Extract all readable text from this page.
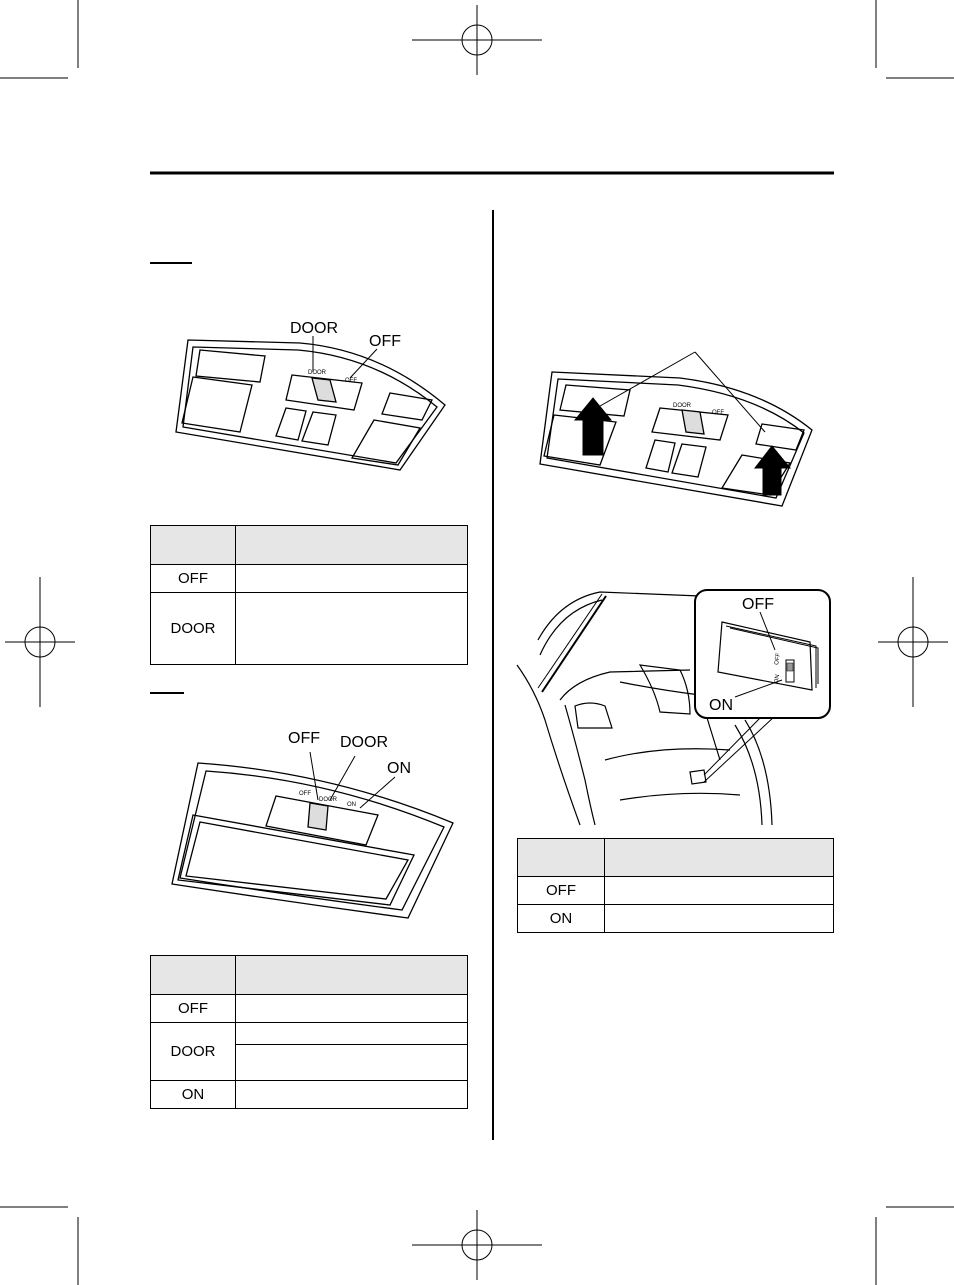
DOOR
OFF
DOOR
OFF

OFF	
DOOR	
OFF DOOR
ON
OFF
DOOR
ON

OFF	
DOOR	

ON	
DOOR
OFF
OFF
ON
OFF
ON

OFF	
ON	
